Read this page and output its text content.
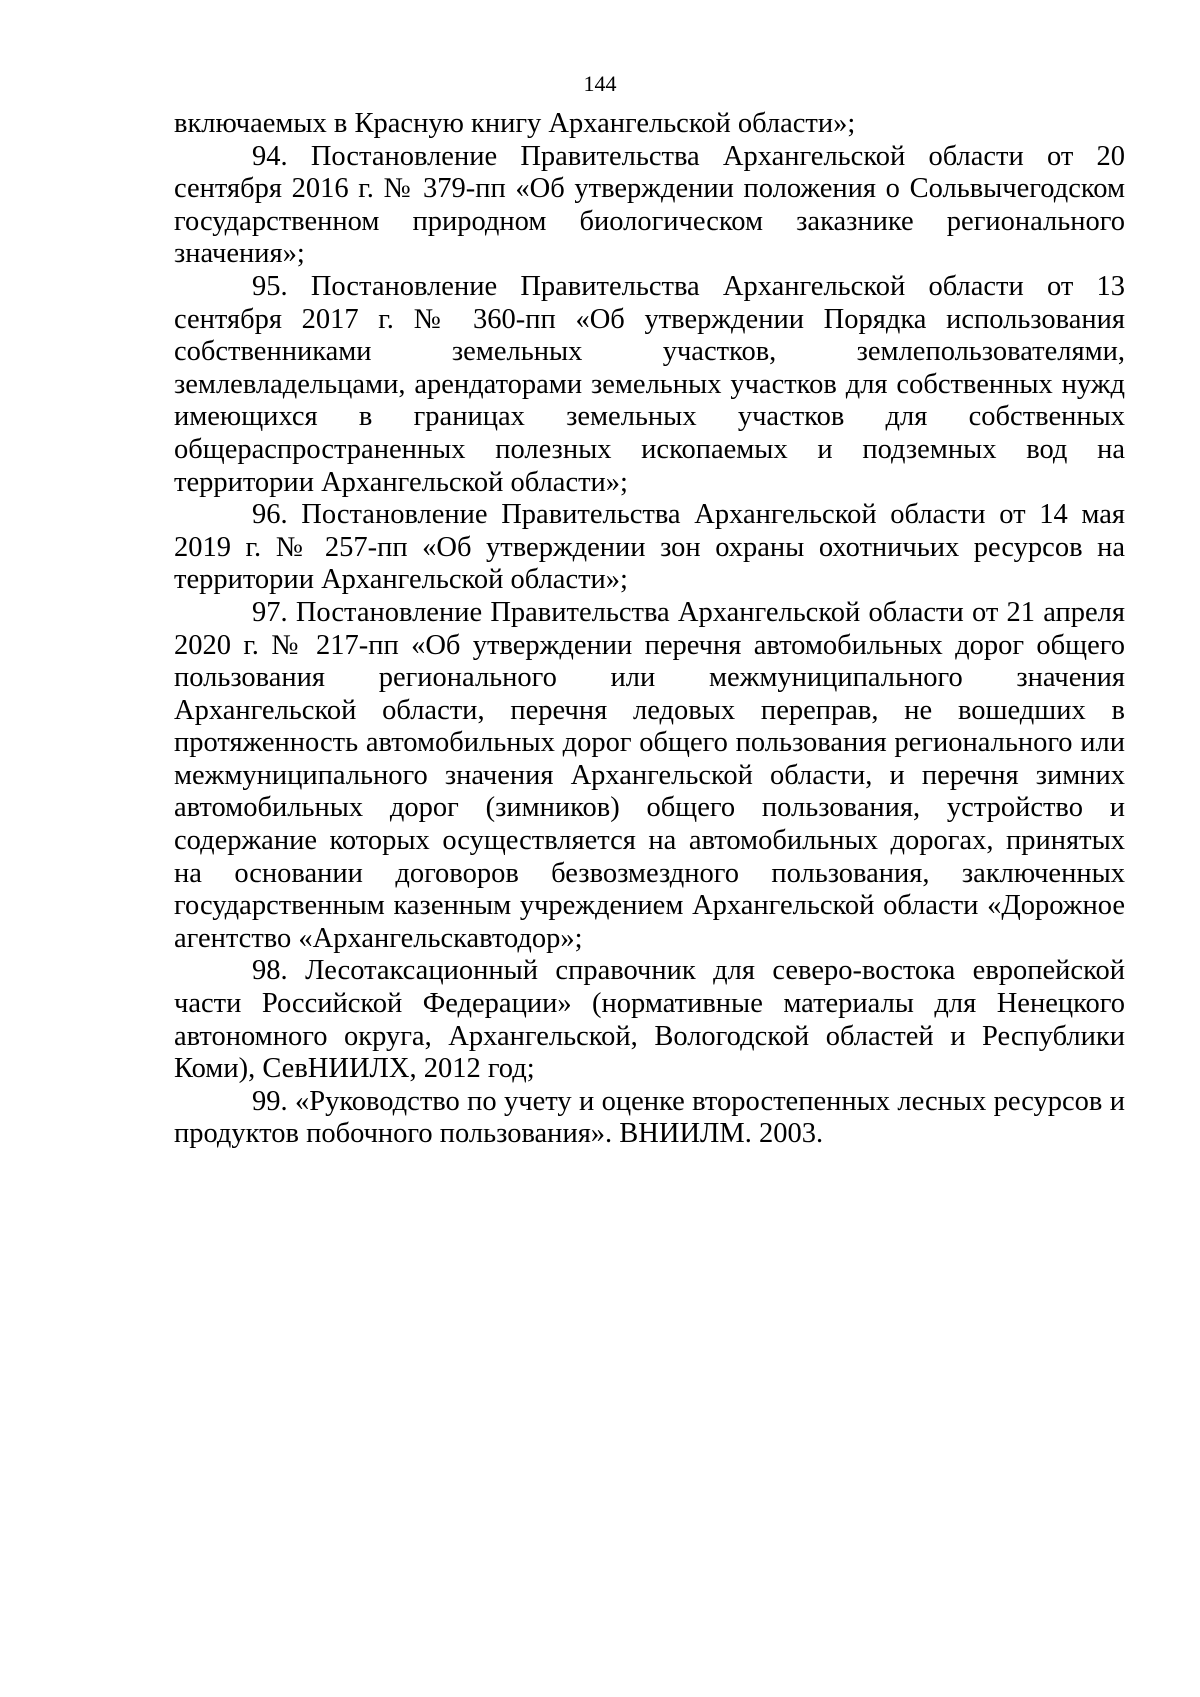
144

включаемых в Красную книгу Архангельской области»;

94. Постановление Правительства Архангельской области от 20 сентября 2016 г. № 379-пп «Об утверждении положения о Сольвычегодском государственном природном биологическом заказнике регионального значения»;

95. Постановление Правительства Архангельской области от 13 сентября 2017 г. № 360-пп «Об утверждении Порядка использования собственниками земельных участков, землепользователями, землевладельцами, арендаторами земельных участков для собственных нужд имеющихся в границах земельных участков для собственных общераспространенных полезных ископаемых и подземных вод на территории Архангельской области»;

96. Постановление Правительства Архангельской области от 14 мая 2019 г. № 257-пп «Об утверждении зон охраны охотничьих ресурсов на территории Архангельской области»;

97. Постановление Правительства Архангельской области от 21 апреля 2020 г. № 217-пп «Об утверждении перечня автомобильных дорог общего пользования регионального или межмуниципального значения Архангельской области, перечня ледовых переправ, не вошедших в протяженность автомобильных дорог общего пользования регионального или межмуниципального значения Архангельской области, и перечня зимних автомобильных дорог (зимников) общего пользования, устройство и содержание которых осуществляется на автомобильных дорогах, принятых на основании договоров безвозмездного пользования, заключенных государственным казенным учреждением Архангельской области «Дорожное агентство «Архангельскавтодор»;

98. Лесотаксационный справочник для северо-востока европейской части Российской Федерации» (нормативные материалы для Ненецкого автономного округа, Архангельской, Вологодской областей и Республики Коми), СевНИИЛХ, 2012 год;

99. «Руководство по учету и оценке второстепенных лесных ресурсов и продуктов побочного пользования». ВНИИЛМ. 2003.
